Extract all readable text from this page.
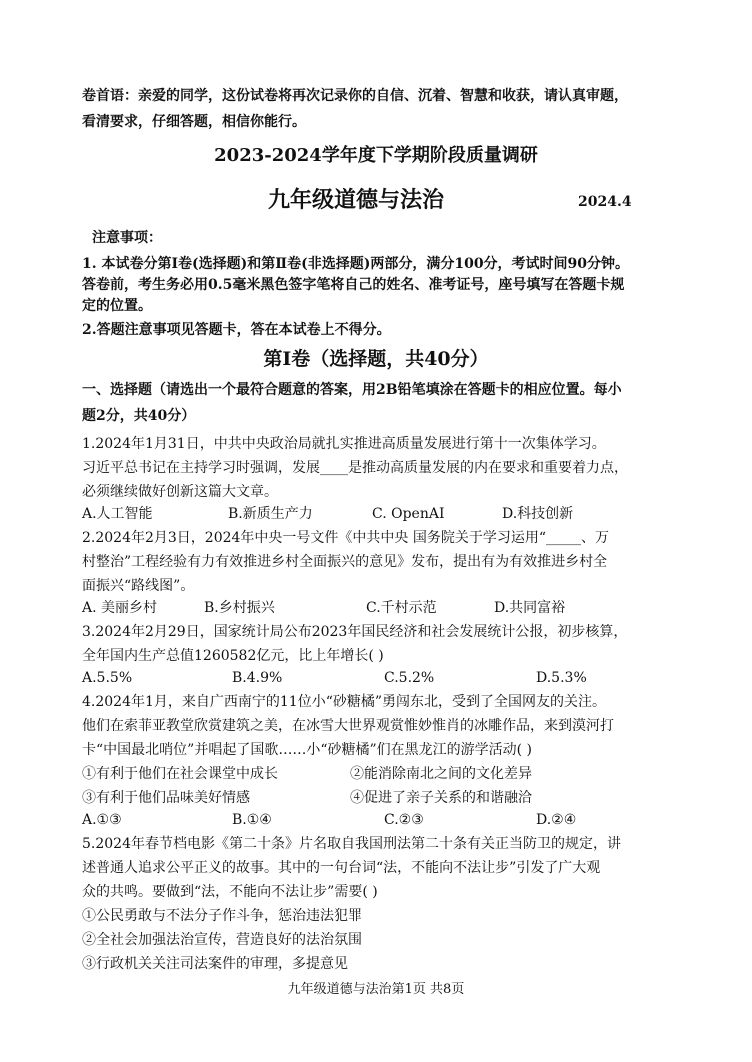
卷首语：亲爱的同学，这份试卷将再次记录你的自信、沉着、智慧和收获，请认真审题，
看清要求，仔细答题，相信你能行。
2023-2024学年度下学期阶段质量调研
九年级道德与法治	2024.4
注意事项：
1. 本试卷分第Ⅰ卷(选择题)和第Ⅱ卷(非选择题)两部分，满分100分，考试时间90分钟。
答卷前，考生务必用0.5毫米黑色签字笔将自己的姓名、准考证号，座号填写在答题卡规
定的位置。
2.答题注意事项见答题卡，答在本试卷上不得分。
第Ⅰ卷（选择题，共40分）
一、选择题（请选出一个最符合题意的答案，用2B铅笔填涂在答题卡的相应位置。每小
题2分，共40分）
1.2024年1月31日，中共中央政治局就扎实推进高质量发展进行第十一次集体学习。
习近平总书记在主持学习时强调，发展____是推动高质量发展的内在要求和重要着力点，
必须继续做好创新这篇大文章。
A.人工智能	B.新质生产力	C. OpenAI	D.科技创新
2.2024年2月3日，2024年中央一号文件《中共中央 国务院关于学习运用“_____、万
村整治”工程经验有力有效推进乡村全面振兴的意见》发布，提出有为有效推进乡村全
面振兴“路线图”。
A. 美丽乡村	B.乡村振兴	C.千村示范	D.共同富裕
3.2024年2月29日，国家统计局公布2023年国民经济和社会发展统计公报，初步核算，
全年国内生产总值1260582亿元，比上年增长( )
A.5.5%	B.4.9%	C.5.2%	D.5.3%
4.2024年1月，来自广西南宁的11位小“砂糖橘”勇闯东北，受到了全国网友的关注。
他们在索菲亚教堂欣赏建筑之美，在冰雪大世界观赏惟妙惟肖的冰雕作品，来到漠河打
卡“中国最北哨位”并唱起了国歌……小“砂糖橘”们在黑龙江的游学活动( )
①有利于他们在社会课堂中成长	②能消除南北之间的文化差异
③有利于他们品味美好情感	④促进了亲子关系的和谐融洽
A.①③	B.①④	C.②③	D.②④
5.2024年春节档电影《第二十条》片名取自我国刑法第二十条有关正当防卫的规定，讲
述普通人追求公平正义的故事。其中的一句台词“法，不能向不法让步”引发了广大观
众的共鸣。要做到“法，不能向不法让步”需要( )
①公民勇敢与不法分子作斗争，惩治违法犯罪
②全社会加强法治宣传，营造良好的法治氛围
③行政机关关注司法案件的审理，多提意见
九年级道德与法治第1页 共8页
